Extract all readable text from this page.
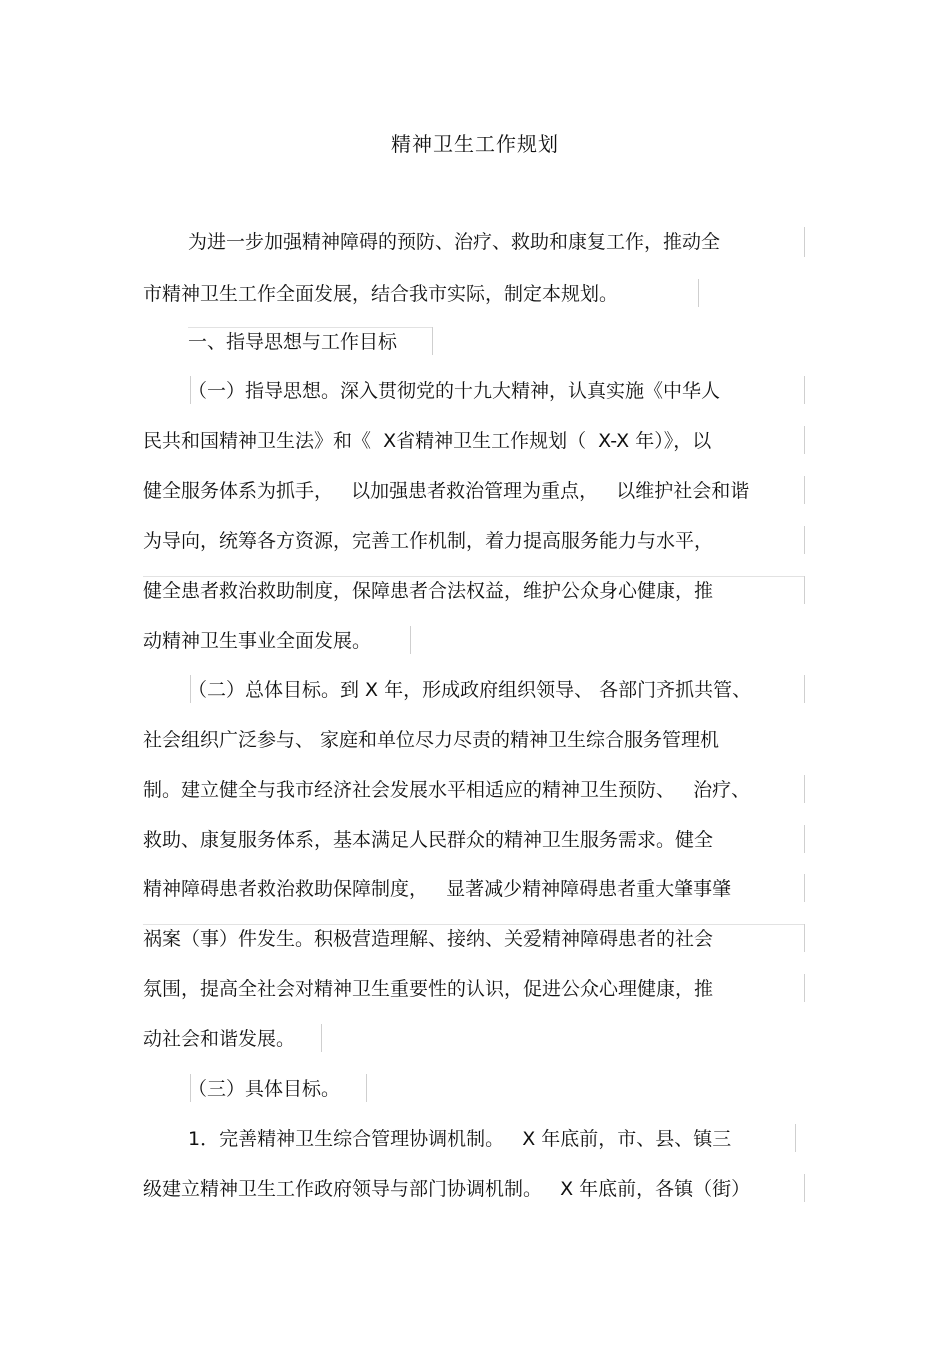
精神卫生工作规划
为进一步加强精神障碍的预防、治疗、救助和康复工作，推动全
市精神卫生工作全面发展，结合我市实际，制定本规划。
一、指导思想与工作目标
（一）指导思想。深入贯彻党的十九大精神，认真实施《中华人
民共和国精神卫生法》和《  X省精神卫生工作规划（  X-X 年）》，以
健全服务体系为抓手，   以加强患者救治管理为重点，   以维护社会和谐
为导向，统筹各方资源，完善工作机制，着力提高服务能力与水平，
健全患者救治救助制度，保障患者合法权益，维护公众身心健康，推
动精神卫生事业全面发展。
（二）总体目标。到 X 年，形成政府组织领导、 各部门齐抓共管、
社会组织广泛参与、 家庭和单位尽力尽责的精神卫生综合服务管理机
制。建立健全与我市经济社会发展水平相适应的精神卫生预防、   治疗、
救助、康复服务体系，基本满足人民群众的精神卫生服务需求。健全
精神障碍患者救治救助保障制度，   显著减少精神障碍患者重大肇事肇
祸案（事）件发生。积极营造理解、接纳、关爱精神障碍患者的社会
氛围，提高全社会对精神卫生重要性的认识，促进公众心理健康，推
动社会和谐发展。
（三）具体目标。
1．完善精神卫生综合管理协调机制。   X 年底前，市、县、镇三
级建立精神卫生工作政府领导与部门协调机制。   X 年底前，各镇（街）
